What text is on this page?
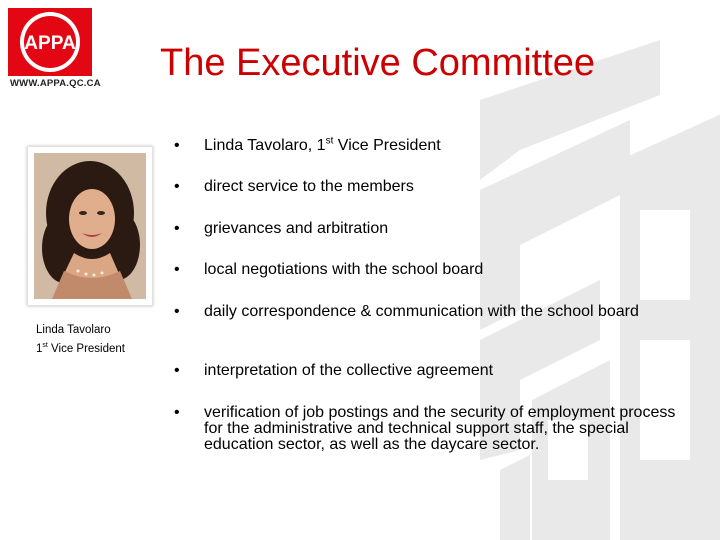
APPA
WWW.APPA.QC.CA The Executive Committee
Linda Tavolaro
1st Vice President
• Linda Tavolaro, 1st Vice President
• direct service to the members
• grievances and arbitration
• local negotiations with the school board
• daily correspondence & communication with the school board
• interpretation of the collective agreement
• verification of job postings and the security of employment process for the administrative and technical support staff, the special education sector, as well as the daycare sector.
